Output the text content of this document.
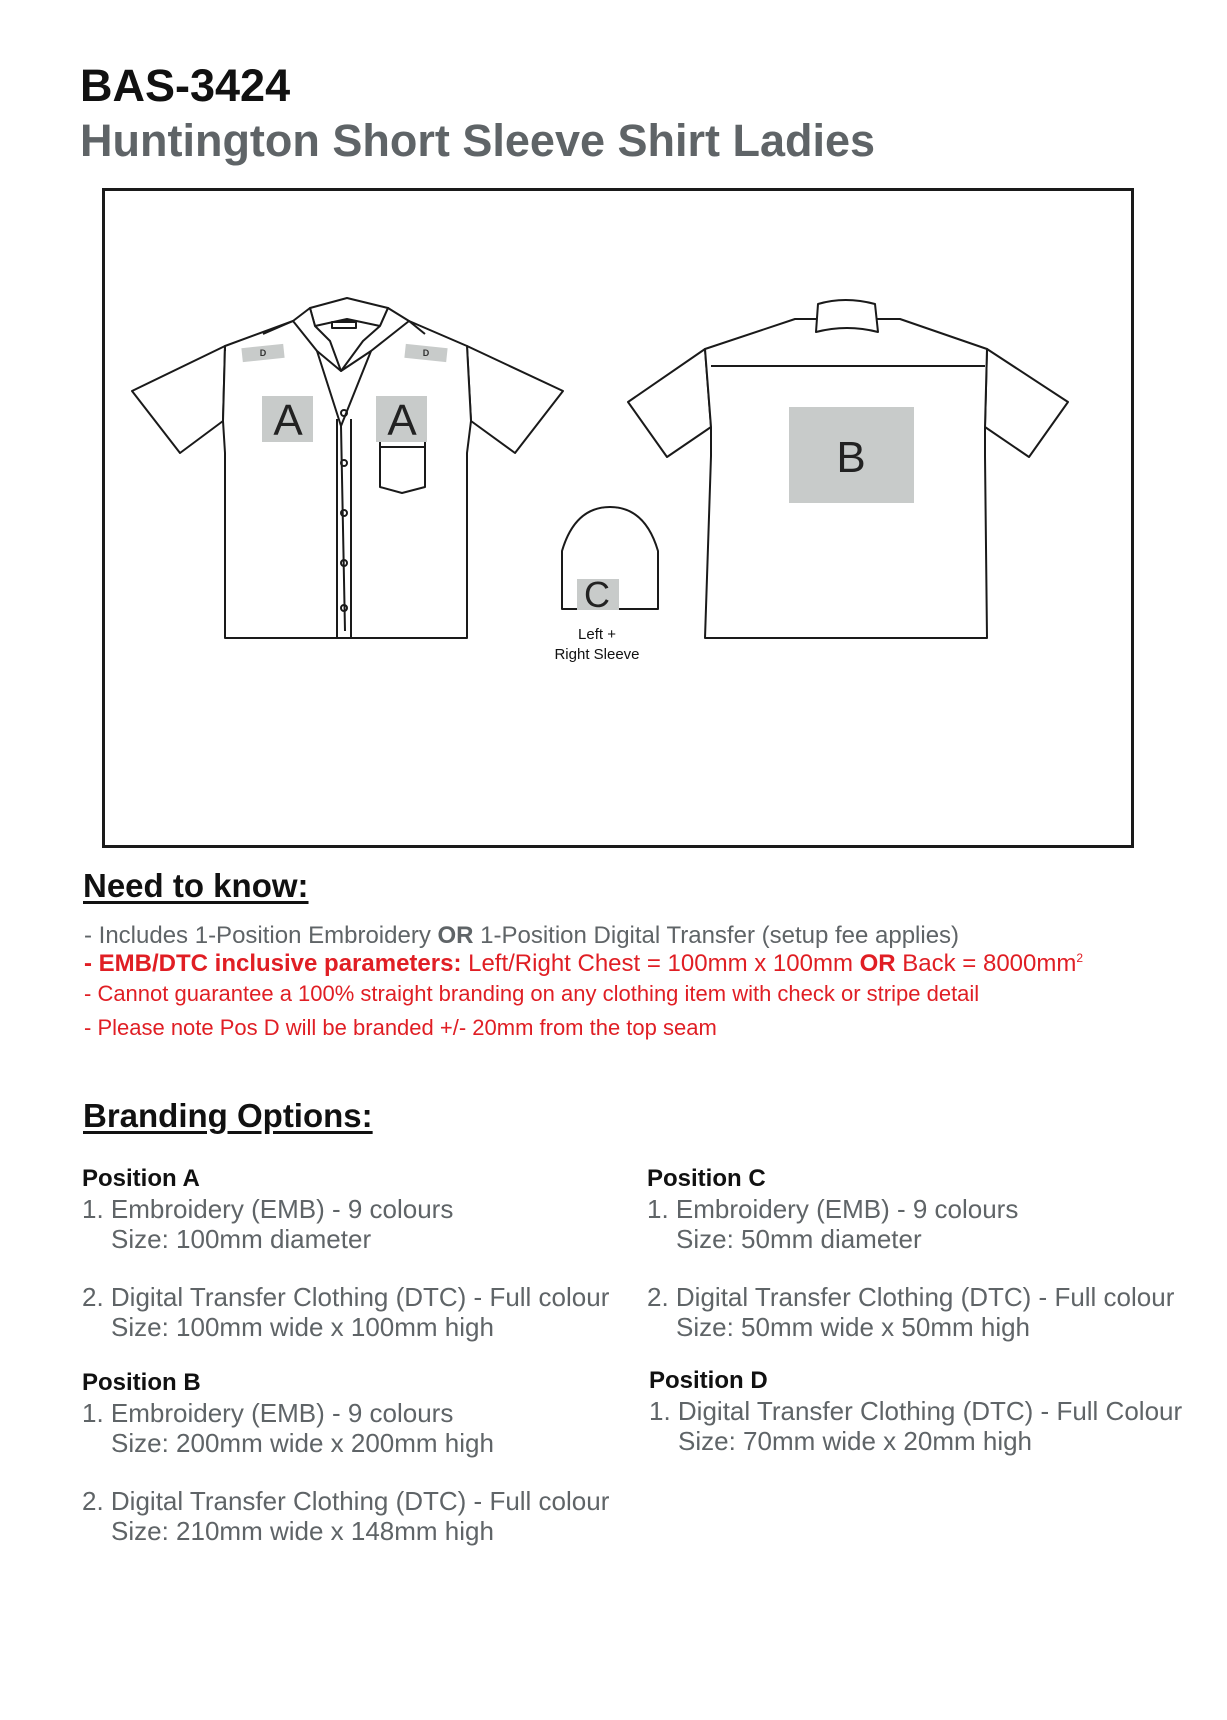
BAS-3424
Huntington Short Sleeve Shirt Ladies
D	D
A A
C
Left +
Right Sleeve
B
Need to know:

- Includes 1-Position Embroidery OR 1-Position Digital Transfer (setup fee applies)

- EMB/DTC inclusive parameters: Left/Right Chest = 100mm x 100mm OR Back = $8000mm^2$

- Cannot guarantee a 100% straight branding on any clothing item with check or stripe detail

- Please note Pos D will be branded +/- 20mm from the top seam

Branding Options:
Position A

1. Embroidery (EMB) - 9 colours

Size: 100mm diameter

2. Digital Transfer Clothing (DTC) - Full colour

Size: 100mm wide x 100mm high

Position B

1. Embroidery (EMB) - 9 colours

Size: 200mm wide x 200mm high

2. Digital Transfer Clothing (DTC) - Full colour

Size: 210mm wide x 148mm high

Position C

1. Embroidery (EMB) - 9 colours

Size: 50mm diameter

2. Digital Transfer Clothing (DTC) - Full colour

Size: 50mm wide x 50mm high

Position D

1. Digital Transfer Clothing (DTC) - Full Colour

Size: 70mm wide x 20mm high
